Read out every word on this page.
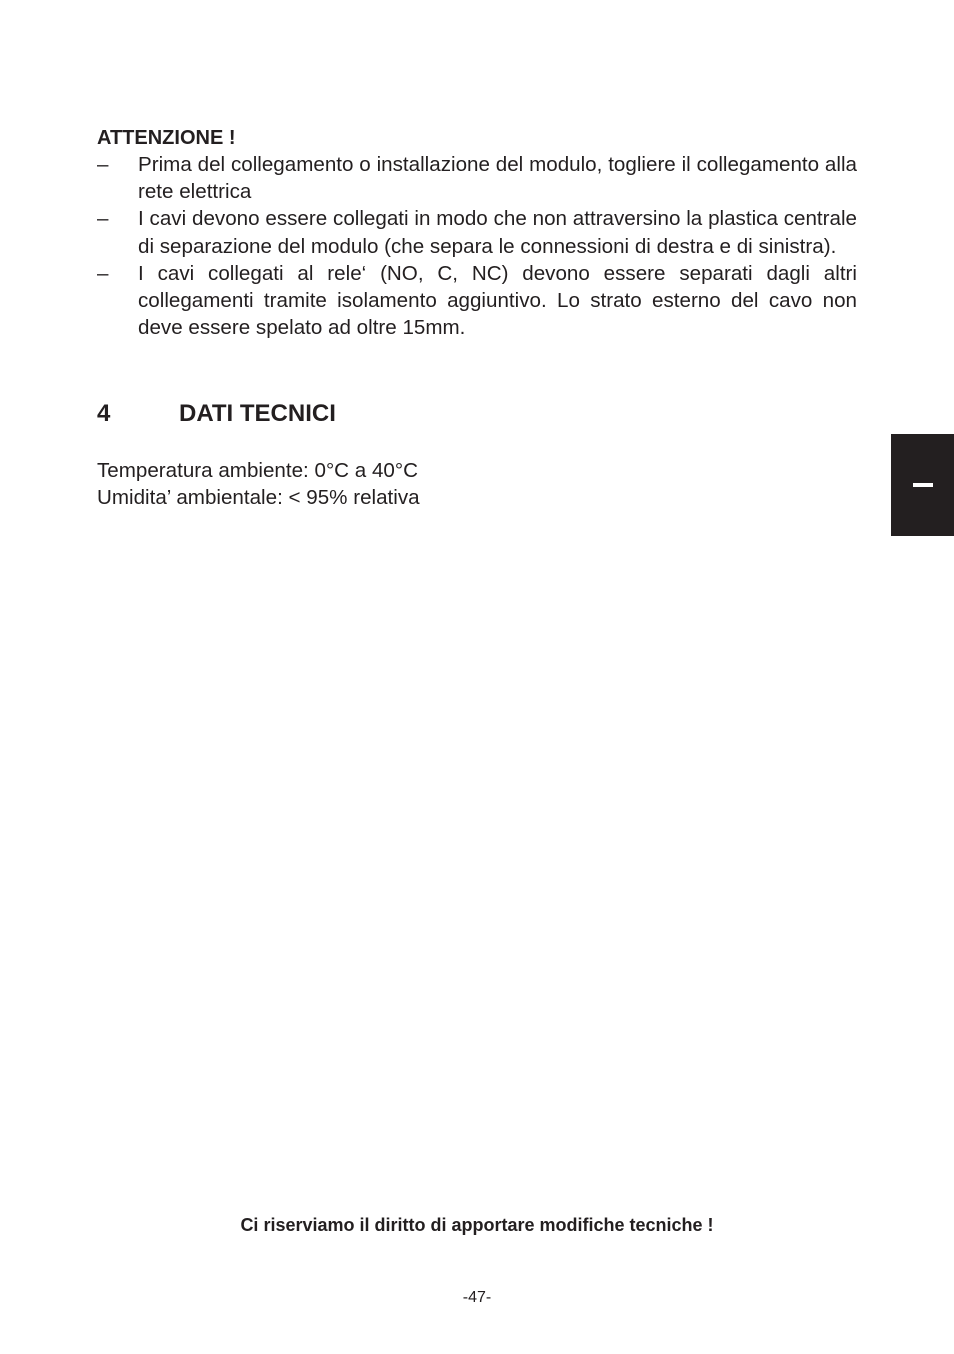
ATTENZIONE !

– Prima del collegamento o installazione del modulo, togliere il collegamento alla rete elettrica
– I cavi devono essere collegati in modo che non attraversino la plastica centrale di separazione del modulo (che separa le connessioni di destra e di sinistra).
– I cavi collegati al rele‘ (NO, C, NC) devono essere separati dagli altri collegamenti tramite isolamento aggiuntivo. Lo strato esterno del cavo non deve essere spelato ad oltre 15mm.
4	DATI TECNICI

Temperatura ambiente: 0°C a 40°C
Umidita’ ambientale: < 95% relativa

Ci riserviamo il diritto di apportare modifiche tecniche !

-47-
